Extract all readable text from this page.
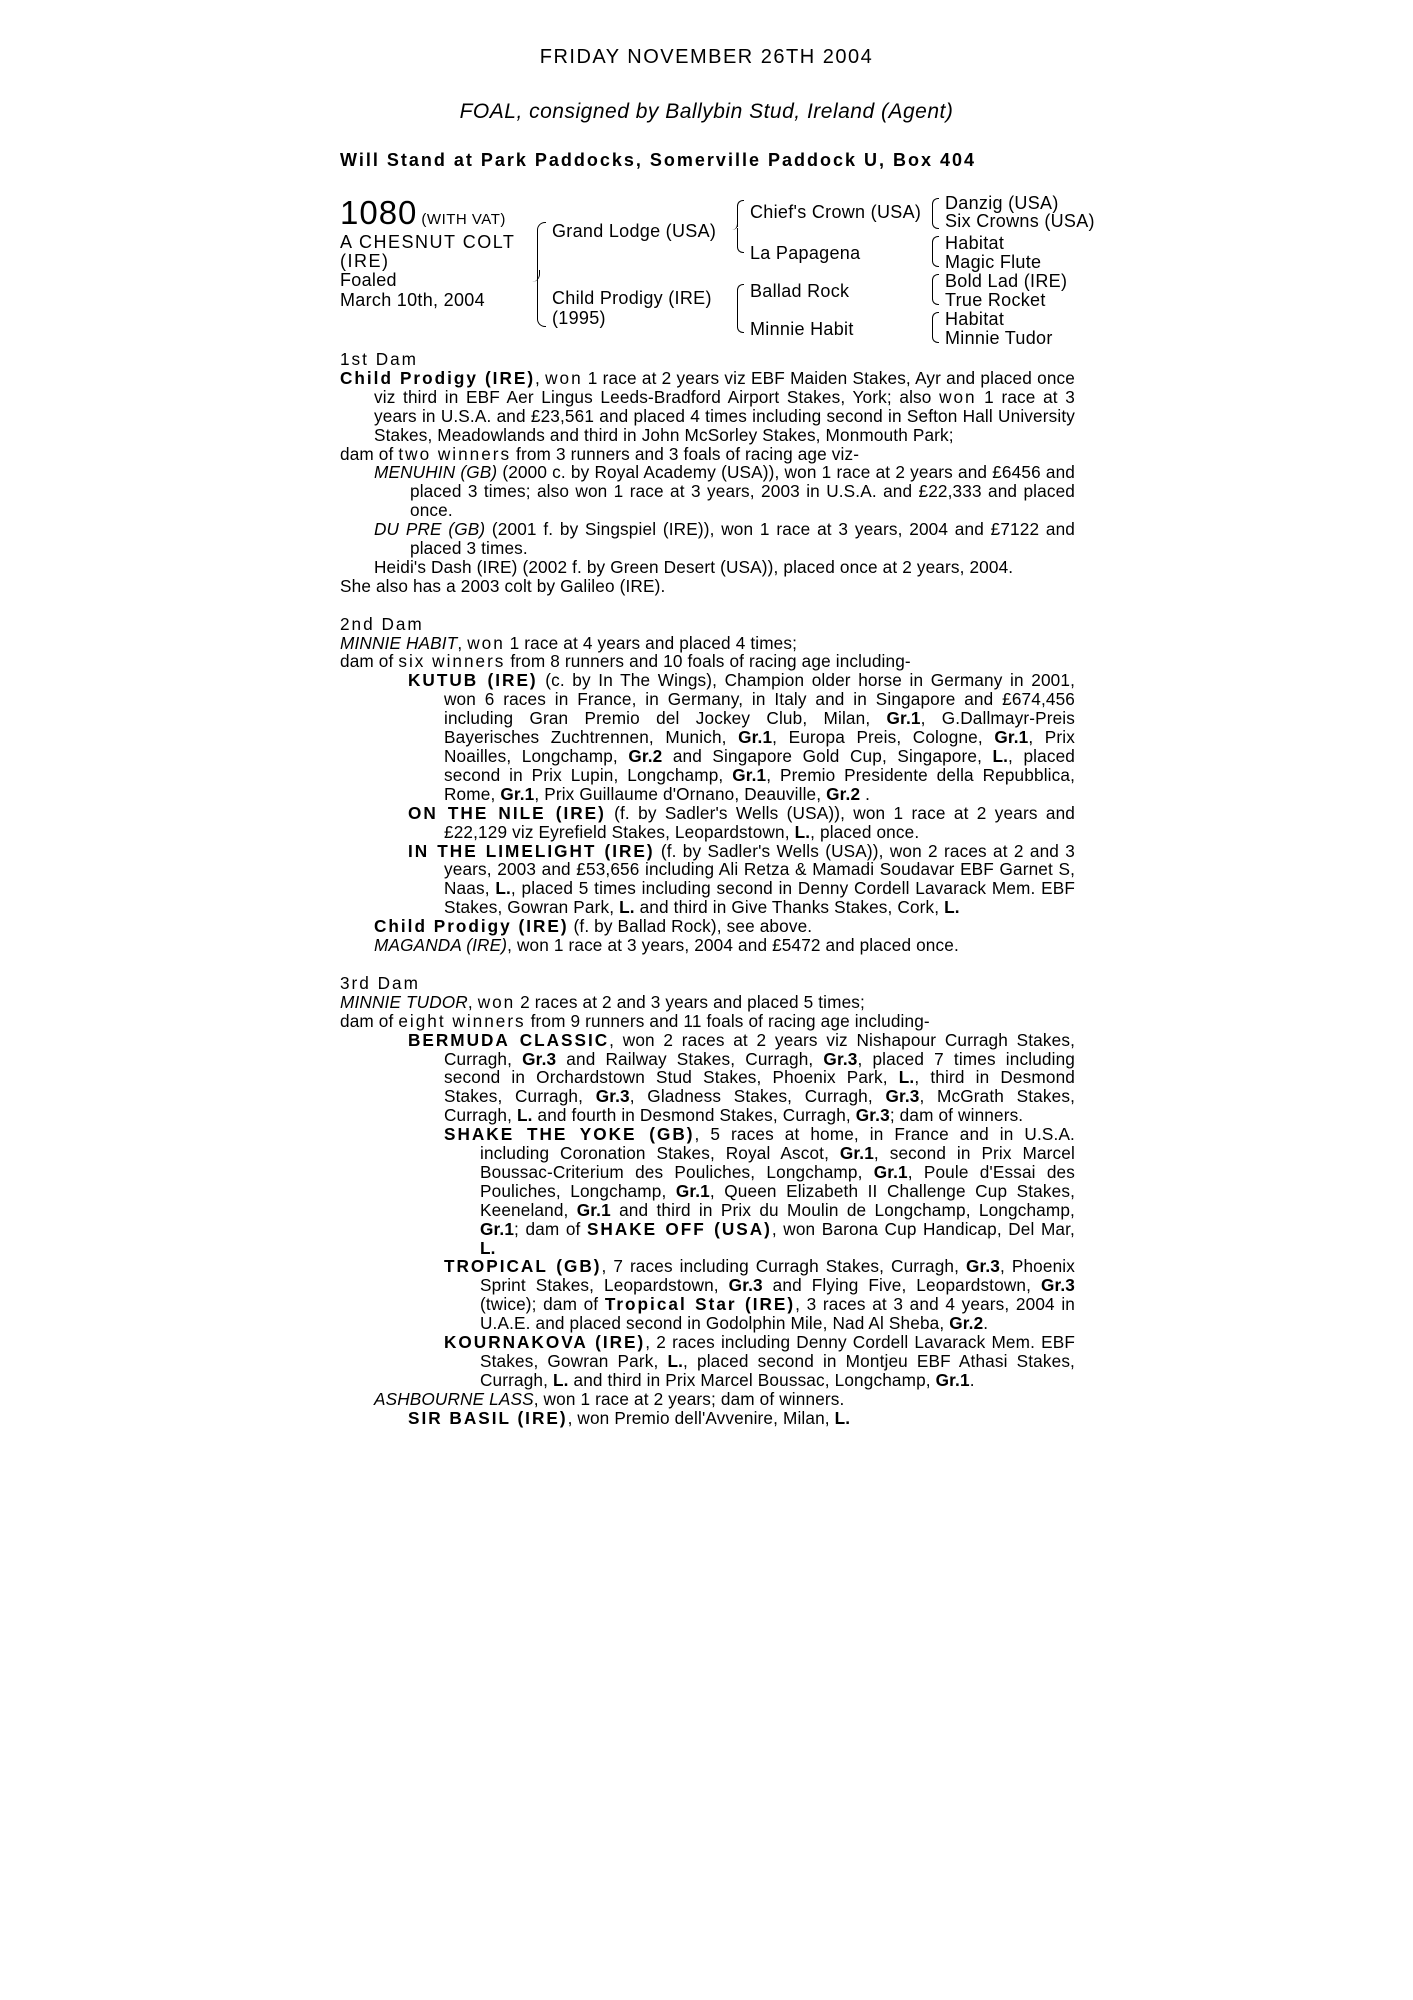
FRIDAY NOVEMBER 26TH 2004
FOAL, consigned by Ballybin Stud, Ireland (Agent)
Will Stand at Park Paddocks, Somerville Paddock U, Box 404
1080 (WITH VAT)
A CHESNUT COLT
(IRE)
Foaled
March 10th, 2004
Grand Lodge (USA)
Child Prodigy (IRE)
(1995)
Chief's Crown (USA)
La Papagena
Ballad Rock
Minnie Habit
Danzig (USA)
Six Crowns (USA)
Habitat
Magic Flute
Bold Lad (IRE)
True Rocket
Habitat
Minnie Tudor
1st Dam
Child Prodigy (IRE), won 1 race at 2 years viz EBF Maiden Stakes, Ayr and placed once viz third in EBF Aer Lingus Leeds-Bradford Airport Stakes, York; also won 1 race at 3 years in U.S.A. and £23,561 and placed 4 times including second in Sefton Hall University Stakes, Meadowlands and third in John McSorley Stakes, Monmouth Park;
dam of two winners from 3 runners and 3 foals of racing age viz-
MENUHIN (GB) (2000 c. by Royal Academy (USA)), won 1 race at 2 years and £6456 and placed 3 times; also won 1 race at 3 years, 2003 in U.S.A. and £22,333 and placed once.
DU PRE (GB) (2001 f. by Singspiel (IRE)), won 1 race at 3 years, 2004 and £7122 and placed 3 times.
Heidi's Dash (IRE) (2002 f. by Green Desert (USA)), placed once at 2 years, 2004.
She also has a 2003 colt by Galileo (IRE).
2nd Dam
MINNIE HABIT, won 1 race at 4 years and placed 4 times;
dam of six winners from 8 runners and 10 foals of racing age including-
KUTUB (IRE) (c. by In The Wings), Champion older horse in Germany in 2001, won 6 races in France, in Germany, in Italy and in Singapore and £674,456 including Gran Premio del Jockey Club, Milan, Gr.1, G.Dallmayr-Preis Bayerisches Zuchtrennen, Munich, Gr.1, Europa Preis, Cologne, Gr.1, Prix Noailles, Longchamp, Gr.2 and Singapore Gold Cup, Singapore, L., placed second in Prix Lupin, Longchamp, Gr.1, Premio Presidente della Repubblica, Rome, Gr.1, Prix Guillaume d'Ornano, Deauville, Gr.2 .
ON THE NILE (IRE) (f. by Sadler's Wells (USA)), won 1 race at 2 years and £22,129 viz Eyrefield Stakes, Leopardstown, L., placed once.
IN THE LIMELIGHT (IRE) (f. by Sadler's Wells (USA)), won 2 races at 2 and 3 years, 2003 and £53,656 including Ali Retza & Mamadi Soudavar EBF Garnet S, Naas, L., placed 5 times including second in Denny Cordell Lavarack Mem. EBF Stakes, Gowran Park, L. and third in Give Thanks Stakes, Cork, L.
Child Prodigy (IRE) (f. by Ballad Rock), see above.
MAGANDA (IRE), won 1 race at 3 years, 2004 and £5472 and placed once.
3rd Dam
MINNIE TUDOR, won 2 races at 2 and 3 years and placed 5 times;
dam of eight winners from 9 runners and 11 foals of racing age including-
BERMUDA CLASSIC, won 2 races at 2 years viz Nishapour Curragh Stakes, Curragh, Gr.3 and Railway Stakes, Curragh, Gr.3, placed 7 times including second in Orchardstown Stud Stakes, Phoenix Park, L., third in Desmond Stakes, Curragh, Gr.3, Gladness Stakes, Curragh, Gr.3, McGrath Stakes, Curragh, L. and fourth in Desmond Stakes, Curragh, Gr.3; dam of winners.
SHAKE THE YOKE (GB), 5 races at home, in France and in U.S.A. including Coronation Stakes, Royal Ascot, Gr.1, second in Prix Marcel Boussac-Criterium des Pouliches, Longchamp, Gr.1, Poule d'Essai des Pouliches, Longchamp, Gr.1, Queen Elizabeth II Challenge Cup Stakes, Keeneland, Gr.1 and third in Prix du Moulin de Longchamp, Longchamp, Gr.1; dam of SHAKE OFF (USA), won Barona Cup Handicap, Del Mar, L.
TROPICAL (GB), 7 races including Curragh Stakes, Curragh, Gr.3, Phoenix Sprint Stakes, Leopardstown, Gr.3 and Flying Five, Leopardstown, Gr.3 (twice); dam of Tropical Star (IRE), 3 races at 3 and 4 years, 2004 in U.A.E. and placed second in Godolphin Mile, Nad Al Sheba, Gr.2.
KOURNAKOVA (IRE), 2 races including Denny Cordell Lavarack Mem. EBF Stakes, Gowran Park, L., placed second in Montjeu EBF Athasi Stakes, Curragh, L. and third in Prix Marcel Boussac, Longchamp, Gr.1.
ASHBOURNE LASS, won 1 race at 2 years; dam of winners.
SIR BASIL (IRE), won Premio dell'Avvenire, Milan, L.
